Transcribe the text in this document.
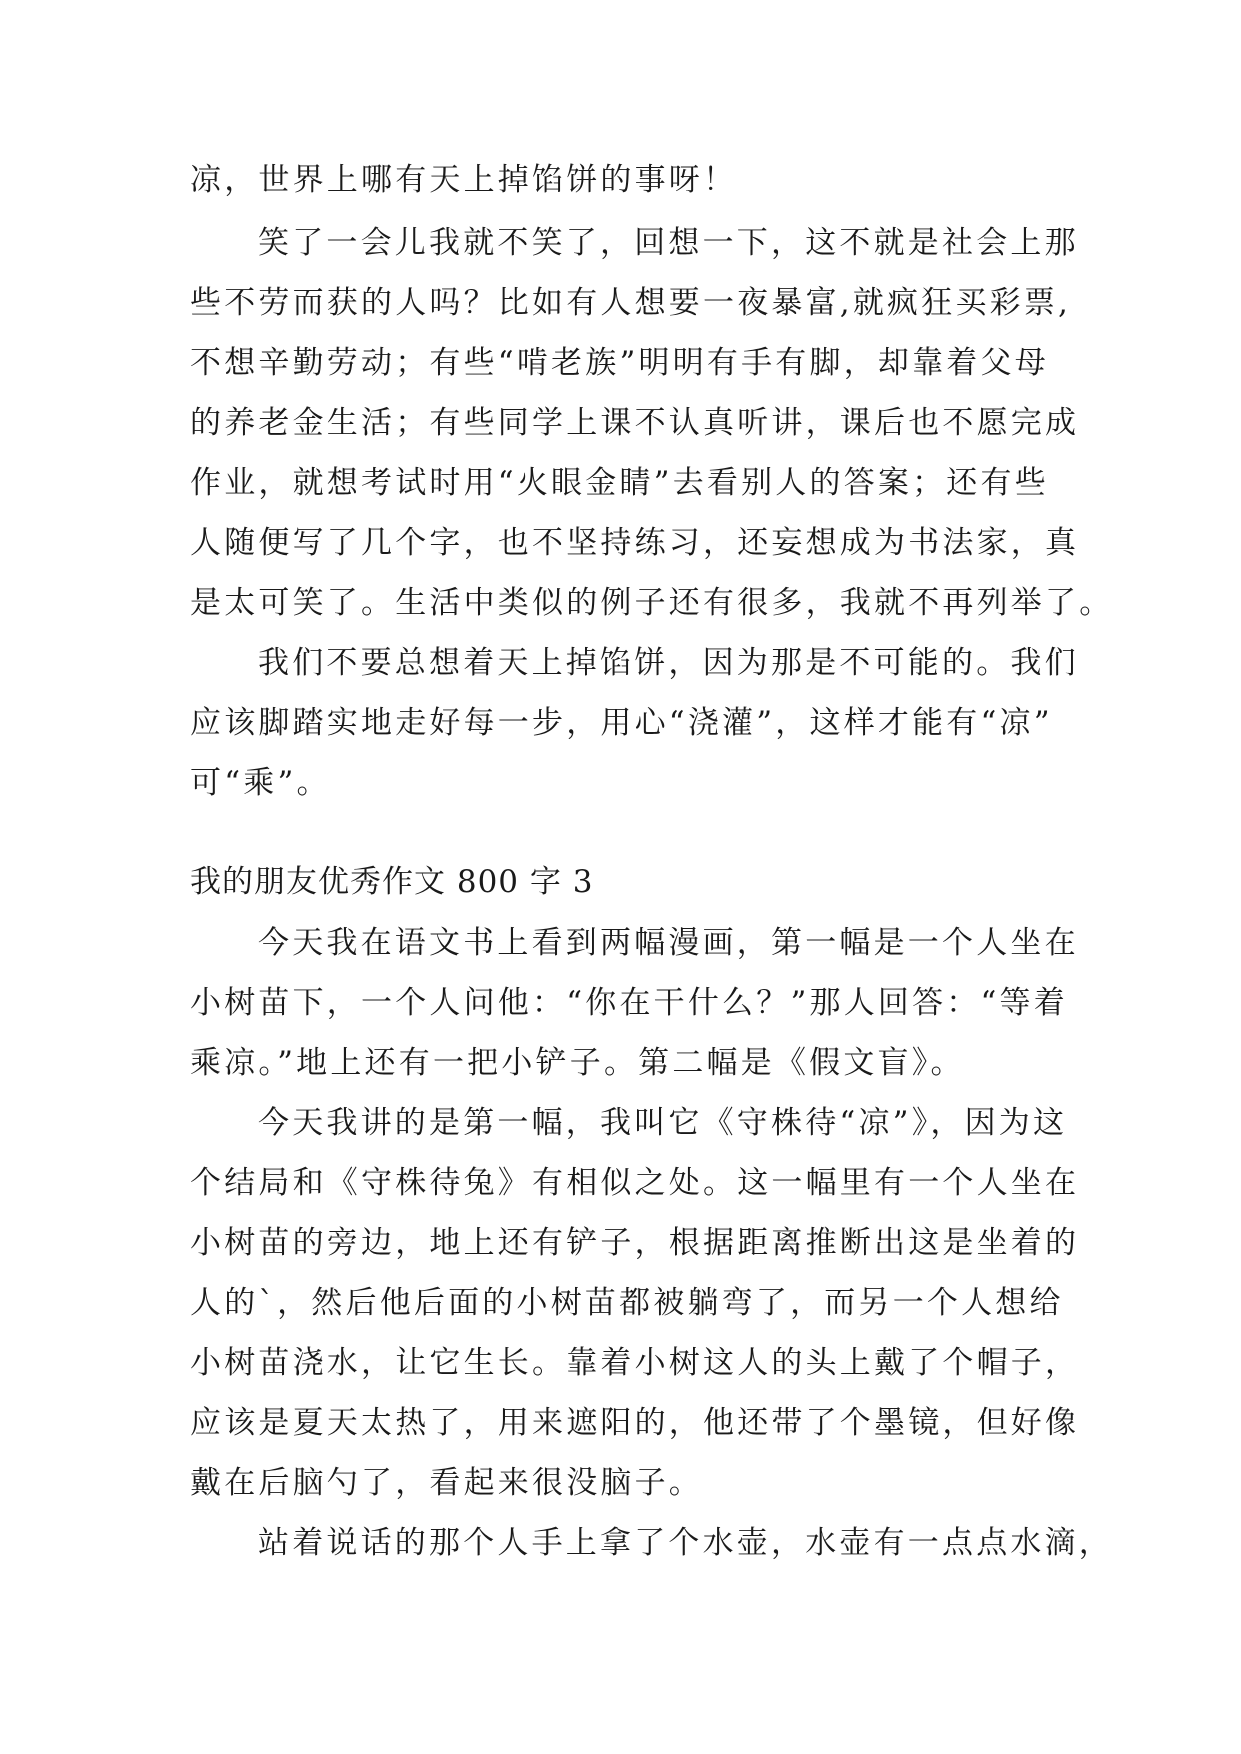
凉，世界上哪有天上掉馅饼的事呀！
笑了一会儿我就不笑了，回想一下，这不就是社会上那
些不劳而获的人吗？比如有人想要一夜暴富,就疯狂买彩票,
不想辛勤劳动；有些“啃老族”明明有手有脚，却靠着父母
的养老金生活；有些同学上课不认真听讲，课后也不愿完成
作业，就想考试时用“火眼金睛”去看别人的答案；还有些
人随便写了几个字，也不坚持练习，还妄想成为书法家，真
是太可笑了。生活中类似的例子还有很多，我就不再列举了。
我们不要总想着天上掉馅饼，因为那是不可能的。我们
应该脚踏实地走好每一步，用心“浇灌”，这样才能有“凉”
可“乘”。
我的朋友优秀作文 800 字 3
今天我在语文书上看到两幅漫画，第一幅是一个人坐在
小树苗下，一个人问他：“你在干什么？”那人回答：“等着
乘凉。”地上还有一把小铲子。第二幅是《假文盲》。
今天我讲的是第一幅，我叫它《守株待“凉”》，因为这
个结局和《守株待兔》有相似之处。这一幅里有一个人坐在
小树苗的旁边，地上还有铲子，根据距离推断出这是坐着的
人的`，然后他后面的小树苗都被躺弯了，而另一个人想给
小树苗浇水，让它生长。靠着小树这人的头上戴了个帽子，
应该是夏天太热了，用来遮阳的，他还带了个墨镜，但好像
戴在后脑勺了，看起来很没脑子。
站着说话的那个人手上拿了个水壶，水壶有一点点水滴，
